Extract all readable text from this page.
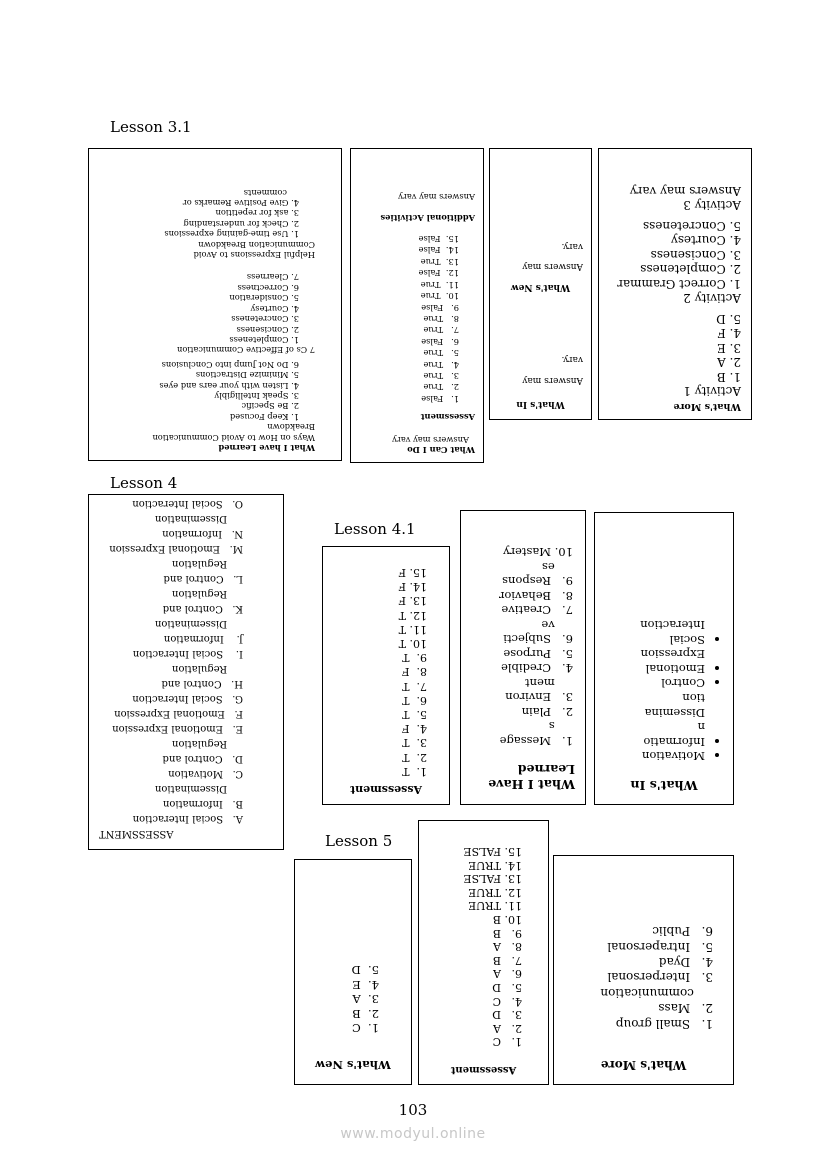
Lesson 3.1
Lesson 4
Lesson 4.1
Lesson 5
What I have Learned
Ways on How to Avoid Communication
Breakdown
1. Keep Focused
2. Be Specific
3. Speak Intelligibly
4. Listen with your ears and eyes
5. Minimize Distractions
6. Do Not Jump into Conclusions
7 Cs of Effective Communication
1. Completeness
2. Conciseness
3. Concreteness
4. Courtesy
5. Consideration
6. Correctness
7. Clearness
Helpful Expressions to Avoid
Communication Breakdown
1. Use time-gaining expressions
2. Check for understanding
3. ask for repetition
4. Give Positive Remarks or
comments
What Can I Do
Answers may vary
Assessment
1.   False
2.   True
3.   True
4.   True
5.   True
6.   False
7.   True
8.   True
9.   False
10.  True
11.  True
12.  False
13.  True
14.  False
15.  False
Additional Activities
Answers may vary
What's In
Answers may
vary.
What's New
Answers may
vary.
What's More
Activity 1
1. B
2. A
3. E
4. F
5. D
Activity 2
1. Correct Grammar
2. Completeness
3. Conciseness
4. Courtesy
5. Concreteness
Activity 3
Answers may vary
ASSESSMENT
A.   Social Interaction
B.   Information
Dissemination
C.   Motivation
D.   Control and
Regulation
E.   Emotional Expression
F.   Emotional Expression
G.   Social Interaction
H.   Control and
Regulation
I.    Social Interaction
J.    Information
Dissemination
K.   Control and
Regulation
L.   Control and
Regulation
M.   Emotional Expression
N.   Information
Dissemination
O.   Social Interaction
Assessment
1.  T
2.  T
3.  T
4.  F
5.  T
6.  T
7.  T
8.  F
9.  T
10. T
11. T
12. T
13. F
14. F
15. F
What I Have Learned
1.   Message
s
2.   Plain
3.   Environ
ment
4.   Credible
5.   Purpose
6.   Subjecti
ve
7.   Creative
8.   Behavior
9.   Respons
es
10. Mastery
What's In
• Motivation
• Informatio
n
Dissemina
tion
• Control
• Emotional
Expression
• Social
Interaction
What's New
1.  C
2.  B
3.  A
4.  E
5.  D
Assessment
1.   C
2.   A
3.   D
4.   C
5.   D
6.   A
7.   B
8.   A
9.   B
10. B
11. TRUE
12. TRUE
13. FALSE
14. TRUE
15. FALSE
What's More
1.   Small group
2.   Mass
communication
3.   Interpersonal
4.   Dyad
5.   Intrapersonal
6.   Public
103
www.modyul.online
